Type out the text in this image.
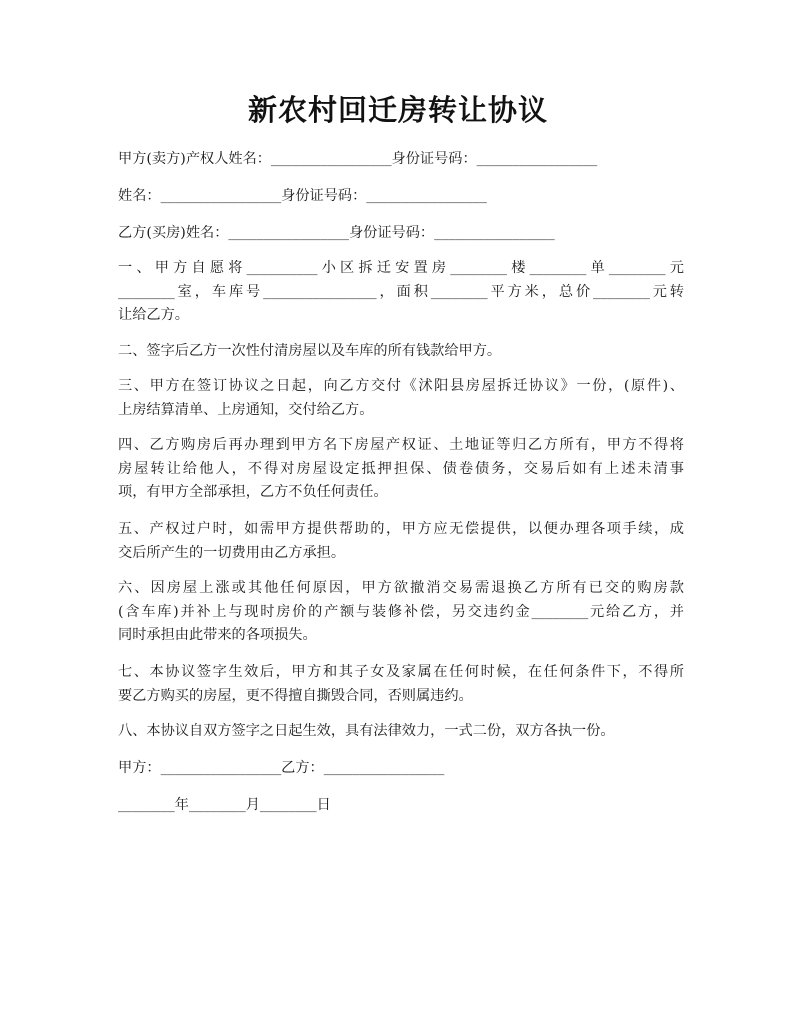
新农村回迁房转让协议
甲方(卖方)产权人姓名：_________________身份证号码：_________________
姓名：_________________身份证号码：_________________
乙方(买房)姓名：_________________身份证号码：_________________
一、甲方自愿将__________小区拆迁安置房________楼________单________元
________室，车库号________________，面积________平方米，总价________元转
让给乙方。
二、签字后乙方一次性付清房屋以及车库的所有钱款给甲方。
三、甲方在签订协议之日起，向乙方交付《沭阳县房屋拆迁协议》一份，(原件)、
上房结算清单、上房通知，交付给乙方。
四、乙方购房后再办理到甲方名下房屋产权证、土地证等归乙方所有，甲方不得将
房屋转让给他人，不得对房屋设定抵押担保、债卷债务，交易后如有上述未清事
项，有甲方全部承担，乙方不负任何责任。
五、产权过户时，如需甲方提供帮助的，甲方应无偿提供，以便办理各项手续，成
交后所产生的一切费用由乙方承担。
六、因房屋上涨或其他任何原因，甲方欲撤消交易需退换乙方所有已交的购房款
(含车库)并补上与现时房价的产额与装修补偿，另交违约金________元给乙方，并
同时承担由此带来的各项损失。
七、本协议签字生效后，甲方和其子女及家属在任何时候，在任何条件下，不得所
要乙方购买的房屋，更不得擅自撕毁合同，否则属违约。
八、本协议自双方签字之日起生效，具有法律效力，一式二份，双方各执一份。
甲方：_________________乙方：_________________
________年________月________日
